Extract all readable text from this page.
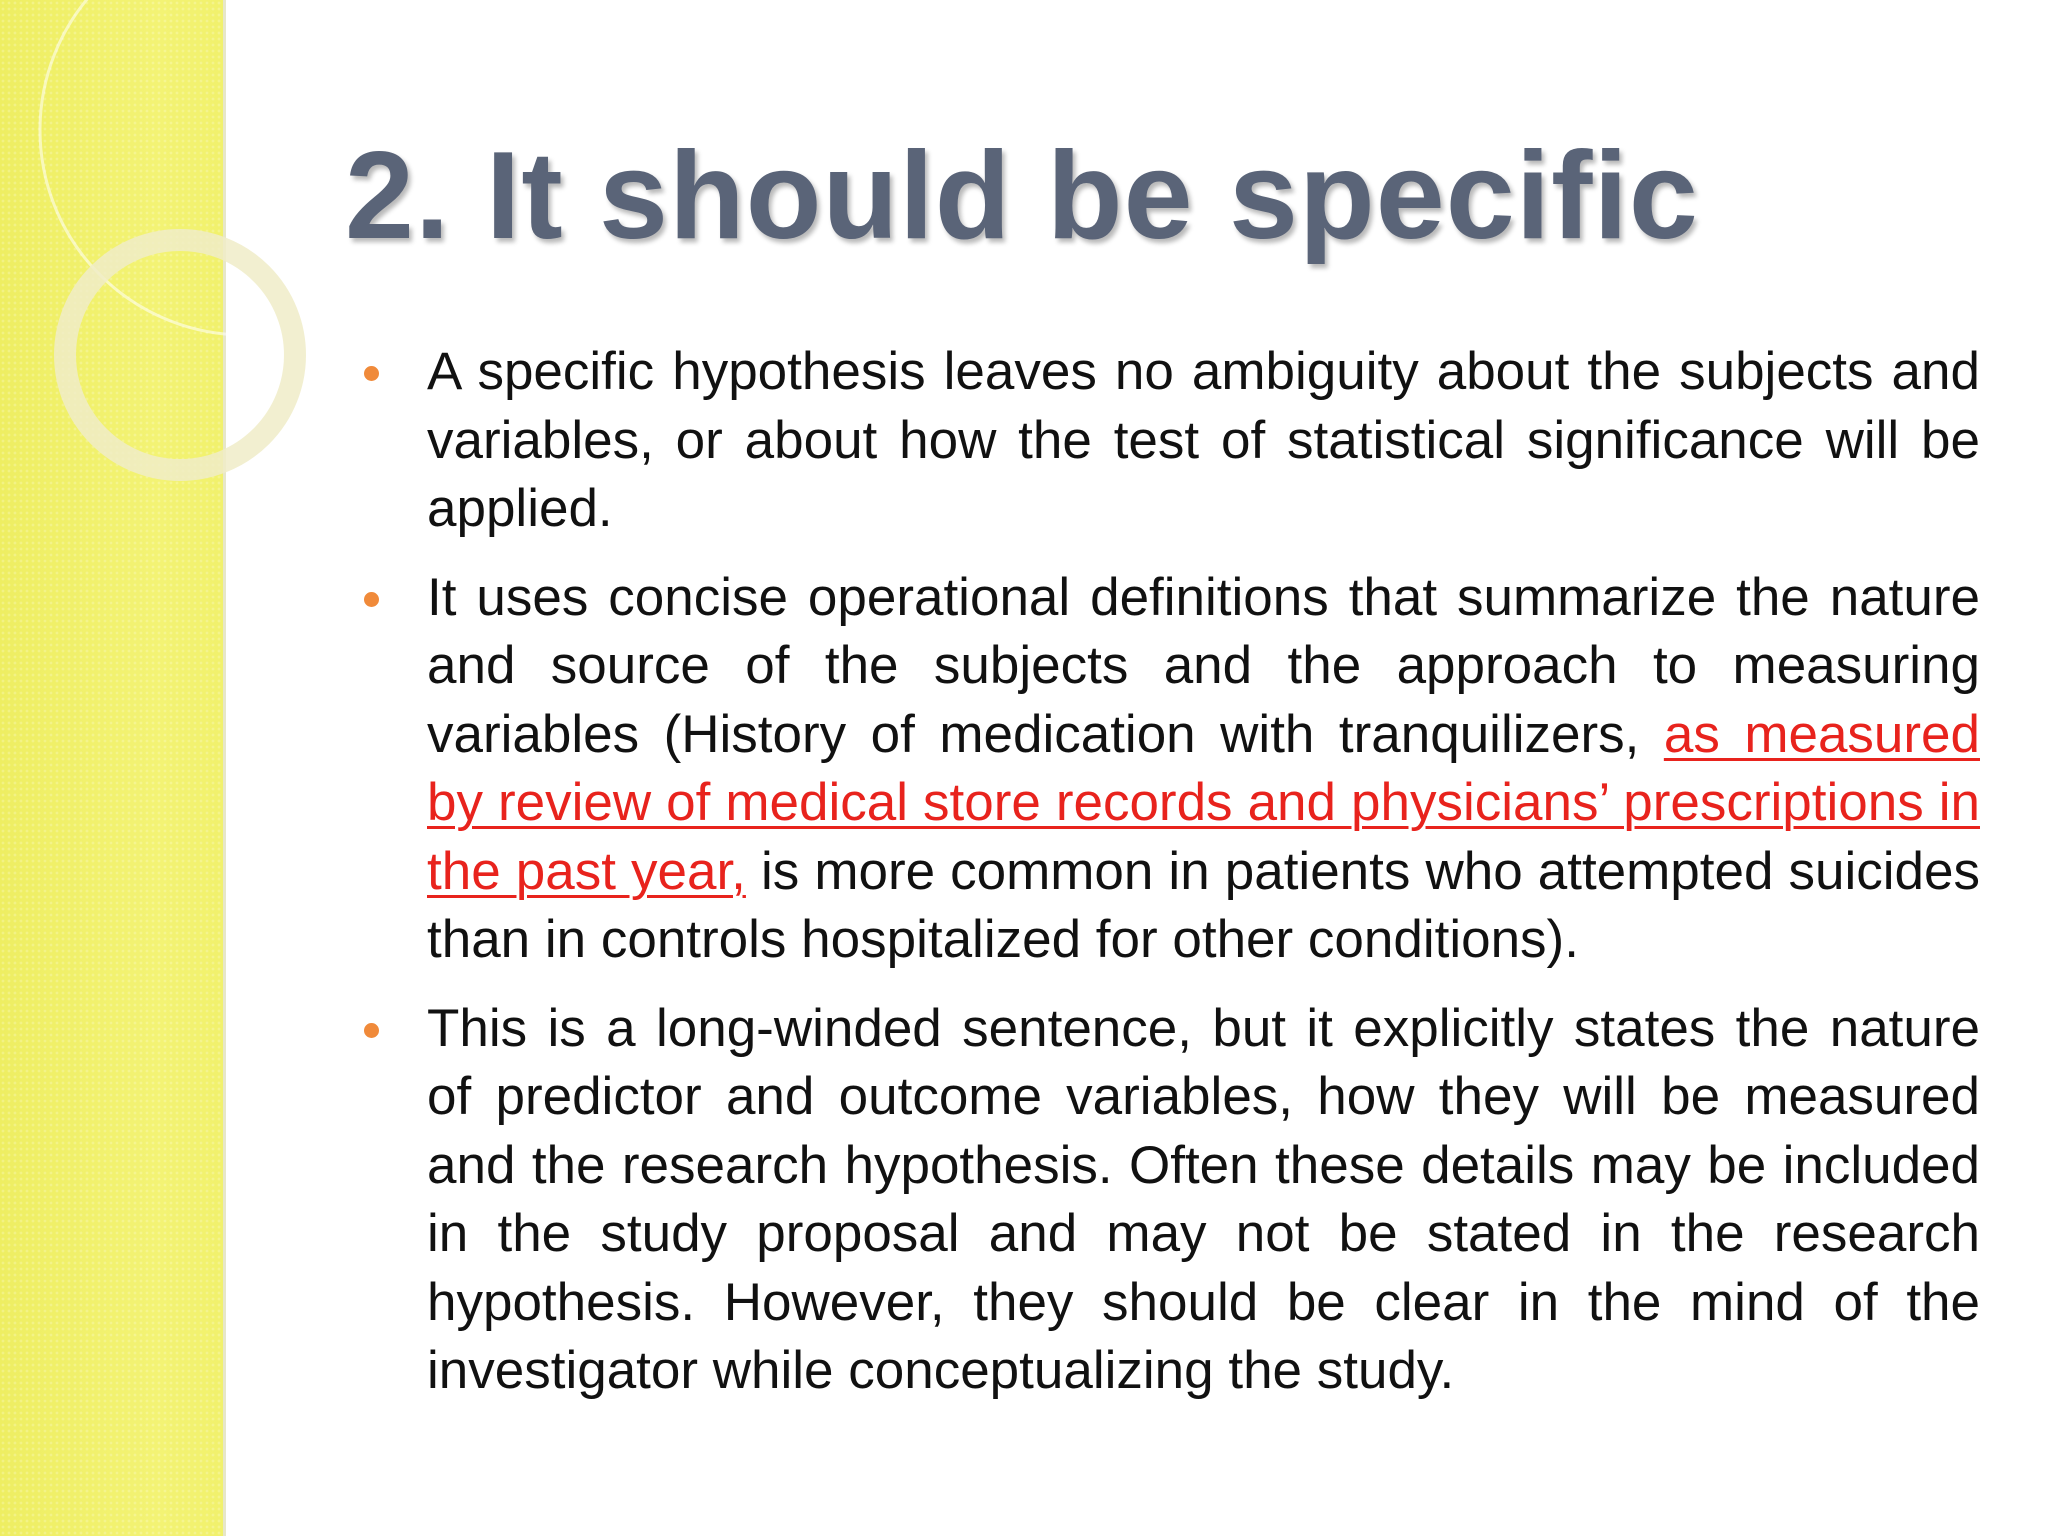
2. It should be specific
A specific hypothesis leaves no ambiguity about the subjects and variables, or about how the test of statistical significance will be applied.
It uses concise operational definitions that summarize the nature and source of the subjects and the approach to measuring variables (History of medication with tranquilizers, as measured by review of medical store records and physicians’ prescriptions in the past year, is more common in patients who attempted suicides than in controls hospitalized for other conditions).
This is a long-winded sentence, but it explicitly states the nature of predictor and outcome variables, how they will be measured and the research hypothesis. Often these details may be included in the study proposal and may not be stated in the research hypothesis. However, they should be clear in the mind of the investigator while conceptualizing the study.
